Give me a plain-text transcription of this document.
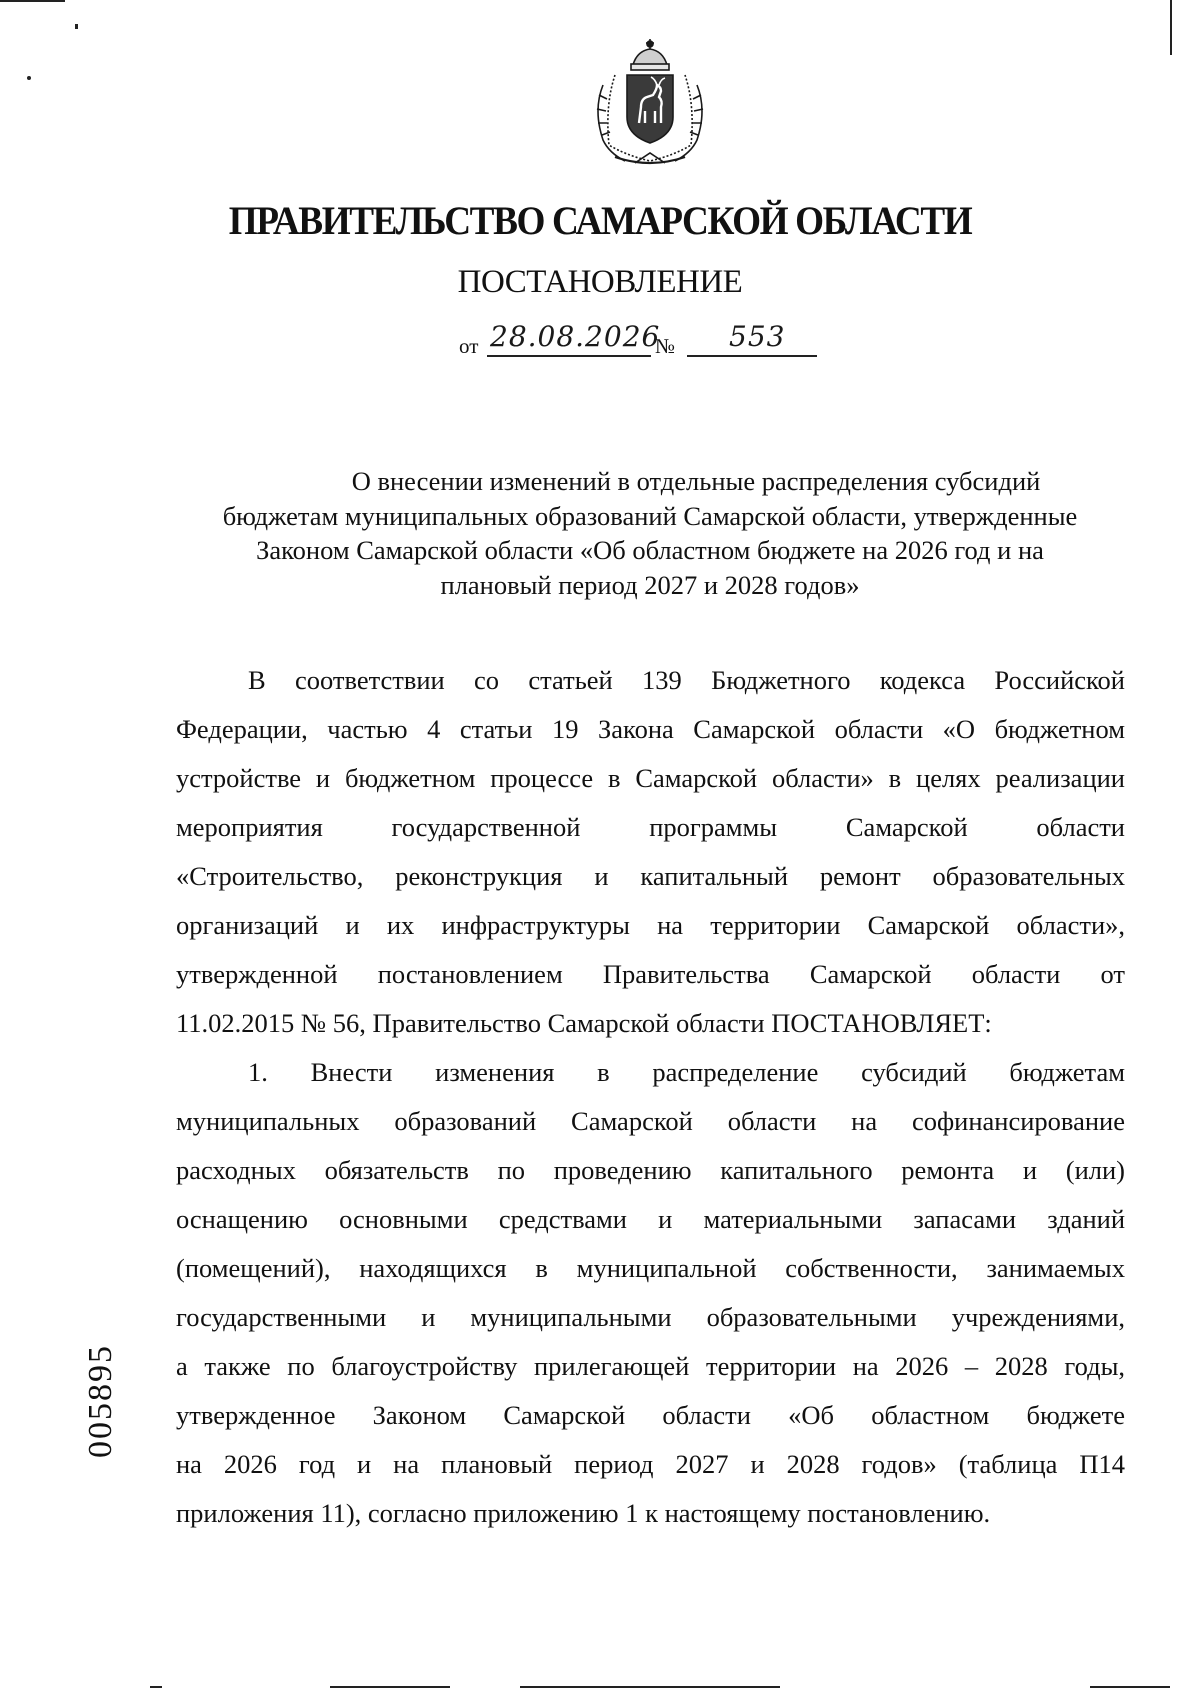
ПРАВИТЕЛЬСТВО САМАРСКОЙ ОБЛАСТИ
ПОСТАНОВЛЕНИЕ
от 28.08.2026
№ 553
О внесении изменений в отдельные распределения субсидий
бюджетам муниципальных образований Самарской области, утвержденные
Законом Самарской области «Об областном бюджете на 2026 год и на
плановый период 2027 и 2028 годов»
В соответствии со статьей 139 Бюджетного кодекса Российской
Федерации, частью 4 статьи 19 Закона Самарской области «О бюджетном
устройстве и бюджетном процессе в Самарской области» в целях реализации
мероприятия государственной программы Самарской области
«Строительство, реконструкция и капитальный ремонт образовательных
организаций и их инфраструктуры на территории Самарской области»,
утвержденной постановлением Правительства Самарской области от
11.02.2015 № 56, Правительство Самарской области ПОСТАНОВЛЯЕТ:
1. Внести изменения в распределение субсидий бюджетам
муниципальных образований Самарской области на софинансирование
расходных обязательств по проведению капитального ремонта и (или)
оснащению основными средствами и материальными запасами зданий
(помещений), находящихся в муниципальной собственности, занимаемых
государственными и муниципальными образовательными учреждениями,
а также по благоустройству прилегающей территории на 2026 – 2028 годы,
утвержденное Законом Самарской области «Об областном бюджете
на 2026 год и на плановый период 2027 и 2028 годов» (таблица П14
приложения 11), согласно приложению 1 к настоящему постановлению.
005895
